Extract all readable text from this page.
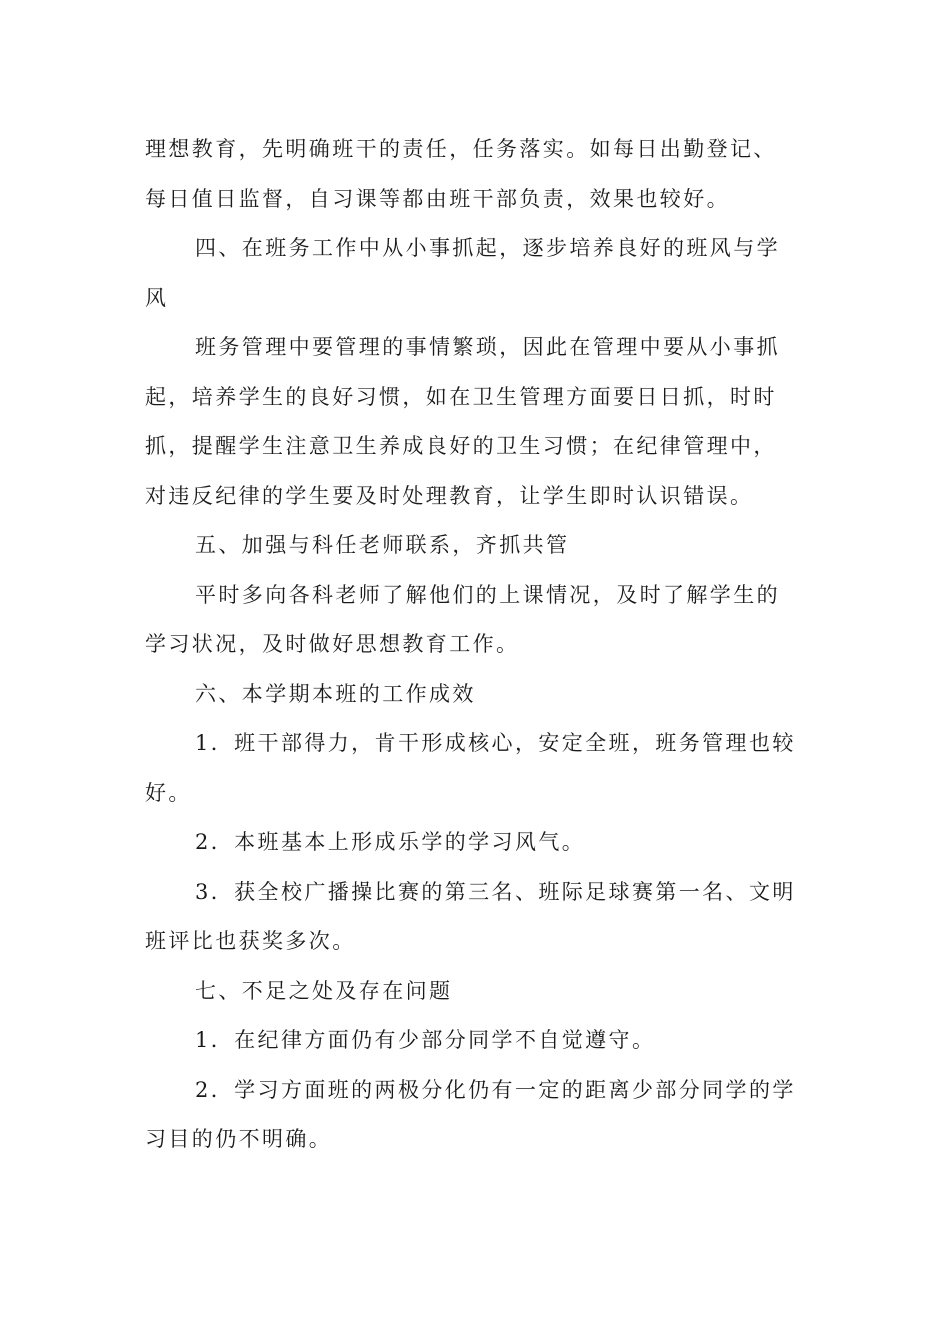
理想教育，先明确班干的责任，任务落实。如每日出勤登记、
每日值日监督，自习课等都由班干部负责，效果也较好。
四、在班务工作中从小事抓起，逐步培养良好的班风与学
风
班务管理中要管理的事情繁琐，因此在管理中要从小事抓
起，培养学生的良好习惯，如在卫生管理方面要日日抓，时时
抓，提醒学生注意卫生养成良好的卫生习惯；在纪律管理中，
对违反纪律的学生要及时处理教育，让学生即时认识错误。
五、加强与科任老师联系，齐抓共管
平时多向各科老师了解他们的上课情况，及时了解学生的
学习状况，及时做好思想教育工作。
六、本学期本班的工作成效
1．班干部得力，肯干形成核心，安定全班，班务管理也较
好。
2．本班基本上形成乐学的学习风气。
3．获全校广播操比赛的第三名、班际足球赛第一名、文明
班评比也获奖多次。
七、不足之处及存在问题
1．在纪律方面仍有少部分同学不自觉遵守。
2．学习方面班的两极分化仍有一定的距离少部分同学的学
习目的仍不明确。
